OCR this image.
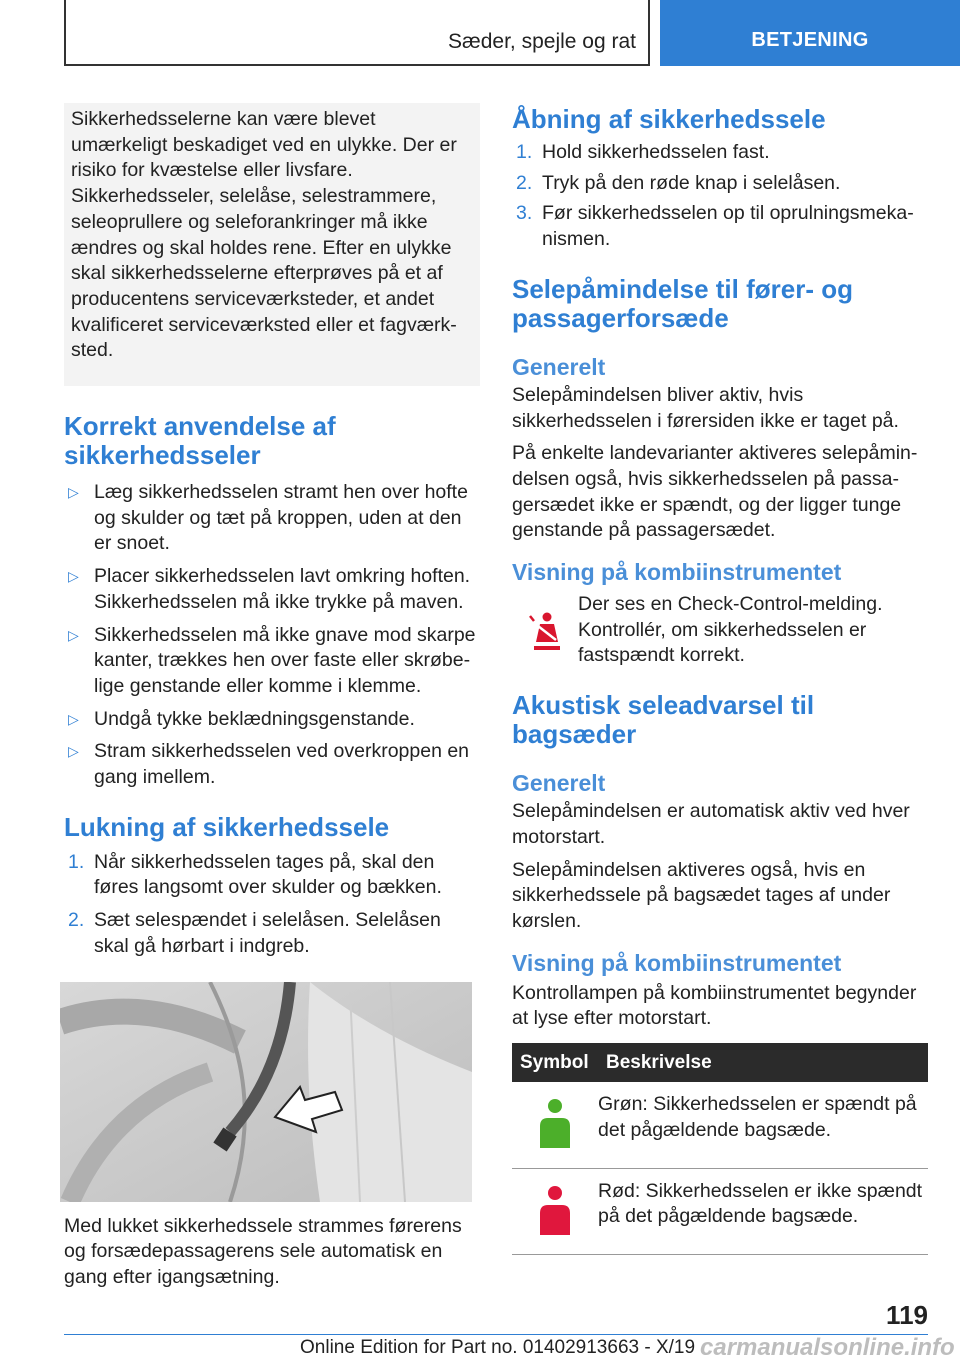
Sæder, spejle og rat	BETJENING
Sikkerhedsselerne kan være blevet umærkeligt beskadiget ved en ulykke. Der er risiko for kvæstelse eller livsfare. Sikkerhedsseler, selelåse, selestrammere, seleoprullere og seleforankringer må ikke ændres og skal holdes rene. Efter en ulykke skal sikkerhedsselerne efterprøves på et af producentens serviceværksteder, et andet kvalificeret serviceværksted eller et fagværksted.
Korrekt anvendelse af sikkerhedsseler
▷ Læg sikkerhedsselen stramt hen over hofte og skulder og tæt på kroppen, uden at den er snoet.
▷ Placer sikkerhedsselen lavt omkring hoften. Sikkerhedsselen må ikke trykke på maven.
▷ Sikkerhedsselen må ikke gnave mod skarpe kanter, trækkes hen over faste eller skrøbelige genstande eller komme i klemme.
▷ Undgå tykke beklædningsgenstande.
▷ Stram sikkerhedsselen ved overkroppen en gang imellem.
Lukning af sikkerhedssele
1. Når sikkerhedsselen tages på, skal den føres langsomt over skulder og bækken.
2. Sæt selespændet i selelåsen. Selelåsen skal gå hørbart i indgreb.

Med lukket sikkerhedssele strammes førerens og forsædepassagerens sele automatisk en gang efter igangsætning.

Åbning af sikkerhedssele
1. Hold sikkerhedsselen fast.
2. Tryk på den røde knap i selelåsen.
3. Før sikkerhedsselen op til oprulningsmekanismen.
Selepåmindelse til fører- og passagerforsæde
Generelt

Selepåmindelsen bliver aktiv, hvis sikkerhedsselen i førersiden ikke er taget på.

På enkelte landevarianter aktiveres selepåmindelsen også, hvis sikkerhedsselen på passagersædet ikke er spændt, og der ligger tunge genstande på passagersædet.

Visning på kombiinstrumentet

Der ses en Check-Control-melding. Kontrollér, om sikkerhedsselen er fastspændt korrekt.

Akustisk seleadvarsel til bagsæder
Generelt

Selepåmindelsen er automatisk aktiv ved hver motorstart.

Selepåmindelsen aktiveres også, hvis en sikkerhedssele på bagsædet tages af under kørslen.

Visning på kombiinstrumentet

Kontrollampen på kombiinstrumentet begynder at lyse efter motorstart.

Symbol	Beskrivelse
	Grøn: Sikkerhedsselen er spændt på det pågældende bagsæde.
	Rød: Sikkerhedsselen er ikke spændt på det pågældende bagsæde.
119
Online Edition for Part no. 01402913663 - X/19 carmanualsonline.info
